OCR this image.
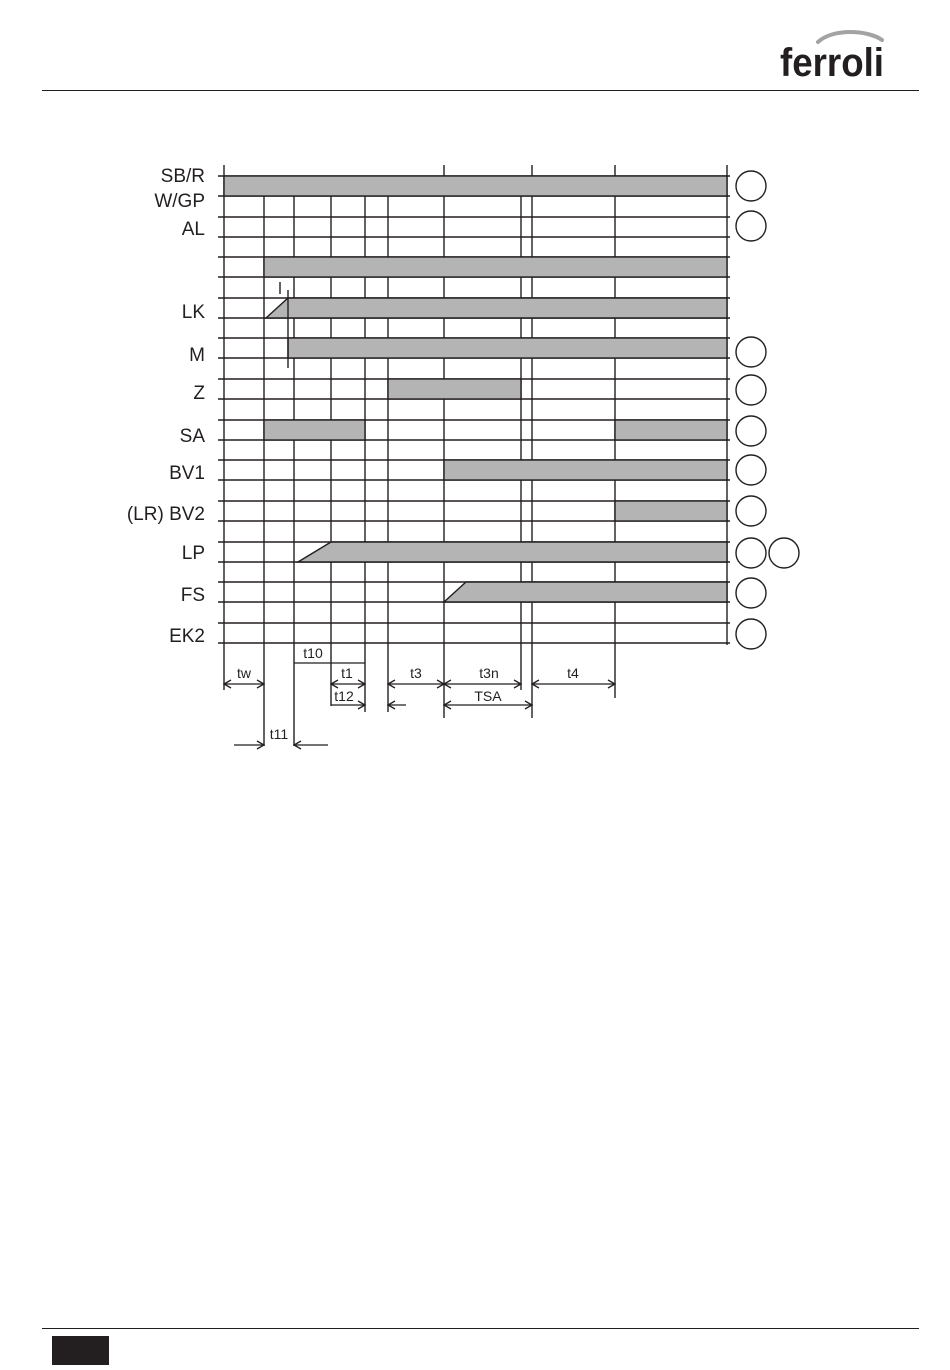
ferroli
SB/R
W/GP
AL
LK
M
Z
SA
BV1
(LR) BV2
LP
FS
EK2
tw
t10
t1
t12
t3	t3n
TSA
t4
t11
